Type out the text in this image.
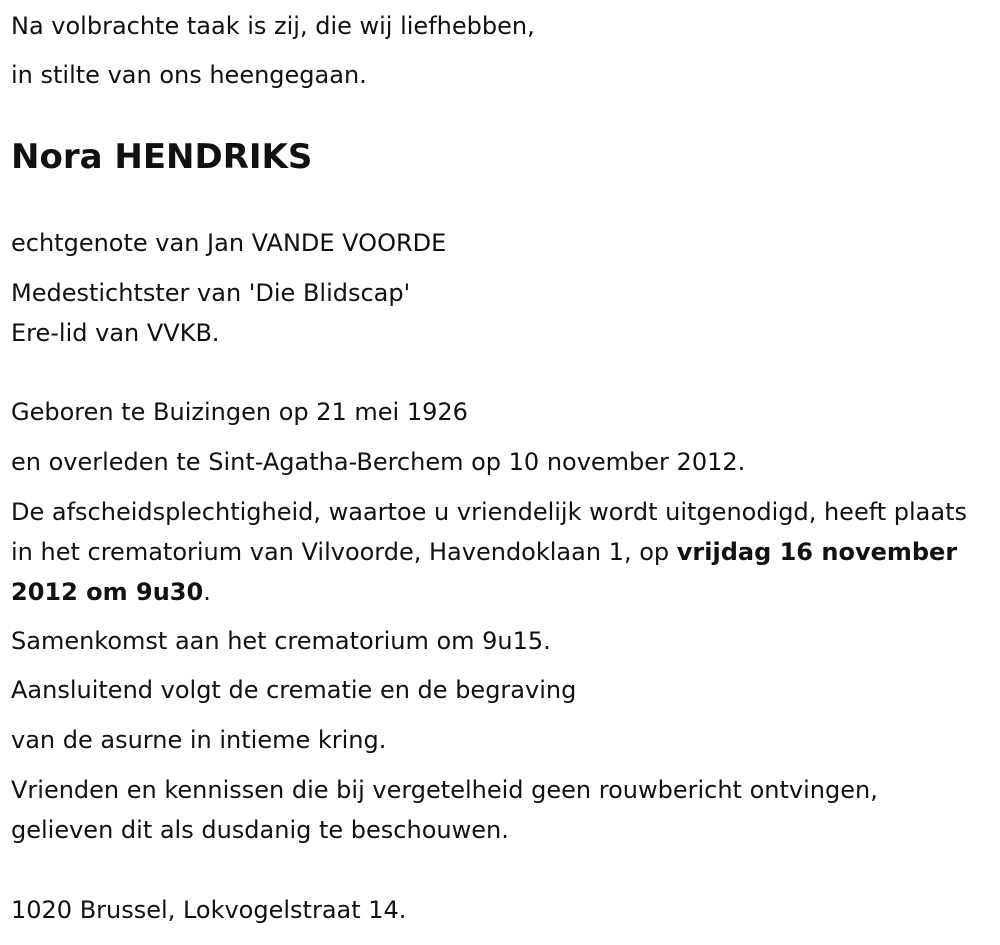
Na volbrachte taak is zij, die wij liefhebben,

in stilte van ons heengegaan.

Nora HENDRIKS

echtgenote van Jan VANDE VOORDE

Medestichtster van 'Die Blidscap'

Ere-lid van VVKB.

Geboren te Buizingen op 21 mei 1926

en overleden te Sint-Agatha-Berchem op 10 november 2012.

De afscheidsplechtigheid, waartoe u vriendelijk wordt uitgenodigd, heeft plaats in het crematorium van Vilvoorde, Havendoklaan 1, op vrijdag 16 november 2012 om 9u30.

Samenkomst aan het crematorium om 9u15.

Aansluitend volgt de crematie en de begraving

van de asurne in intieme kring.

Vrienden en kennissen die bij vergetelheid geen rouwbericht ontvingen, gelieven dit als dusdanig te beschouwen.

1020 Brussel, Lokvogelstraat 14.
